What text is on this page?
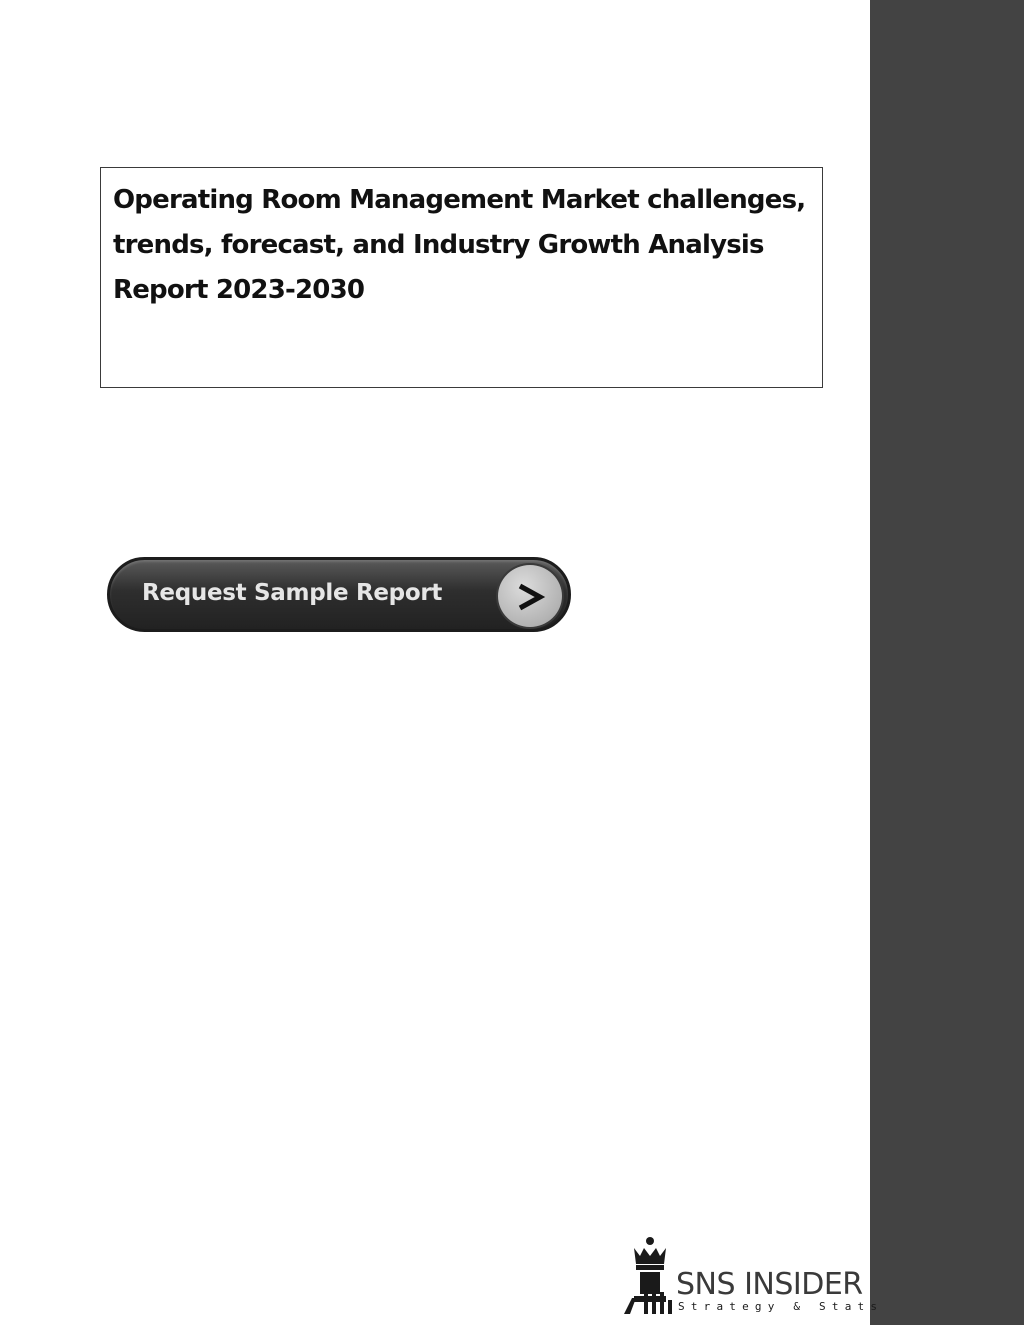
Operating Room Management Market challenges, trends, forecast, and Industry Growth Analysis Report 2023-2030

Request Sample Report
SNS INSIDER
Strategy & Stats
